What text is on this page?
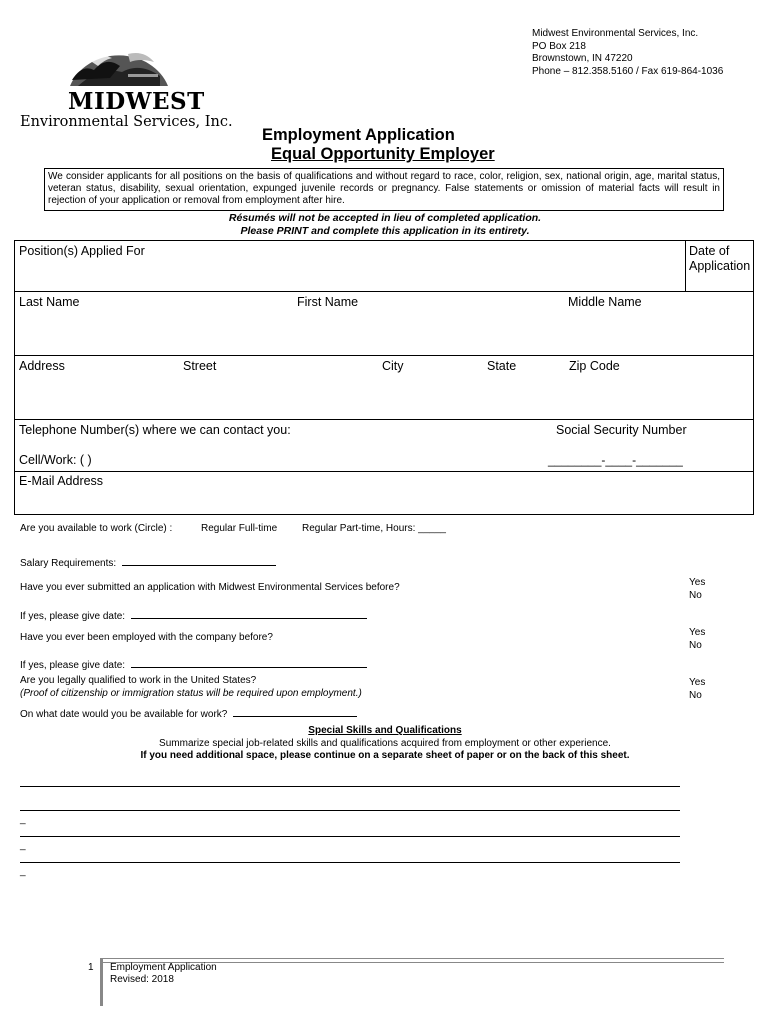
MIDWEST
Environmental Services, Inc.
Midwest Environmental Services, Inc.
PO Box 218
Brownstown, IN 47220
Phone – 812.358.5160 / Fax 619-864-1036
Employment Application
Equal Opportunity Employer
We consider applicants for all positions on the basis of qualifications and without regard to race, color, religion, sex, national origin, age, marital status, veteran status, disability, sexual orientation, expunged juvenile records or pregnancy. False statements or omission of material facts will result in rejection of your application or removal from employment after hire.
Résumés will not be accepted in lieu of completed application.
Please PRINT and complete this application in its entirety.
Position(s) Applied For	Date of
Application
Last Name	First Name	Middle Name
Address	Street	City	State	Zip Code
Telephone Number(s) where we can contact you:	Social Security Number
Cell/Work: ( )	________-____-_______
E-Mail Address
Are you available to work (Circle) :	Regular Full-time Regular Part-time, Hours: _____
Salary Requirements:
Have you ever submitted an application with Midwest Environmental Services before?	Yes
No
If yes, please give date:
Have you ever been employed with the company before?	Yes
No
If yes, please give date:
Are you legally qualified to work in the United States?
(Proof of citizenship or immigration status will be required upon employment.)
Yes
No
On what date would you be available for work?
Special Skills and Qualifications
Summarize special job-related skills and qualifications acquired from employment or other experience.
If you need additional space, please continue on a separate sheet of paper or on the back of this sheet.
_
_
_
1 Employment Application
Revised: 2018
